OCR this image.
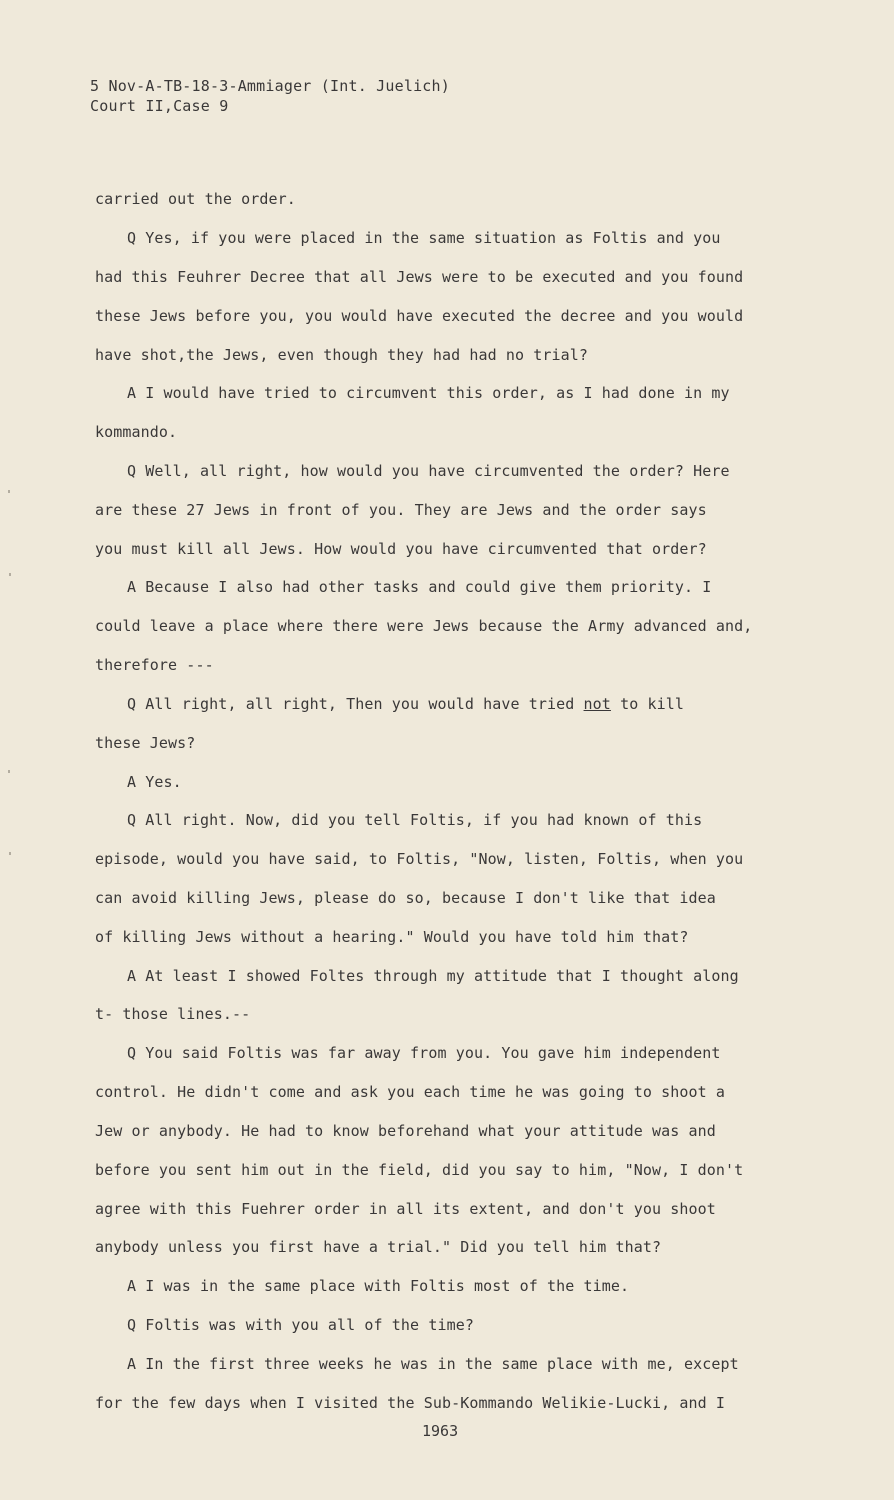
5 Nov-A-TB-18-3-Ammiager (Int. Juelich)
Court II,Case 9
carried out the order.
Q Yes, if you were placed in the same situation as Foltis and you
had this Feuhrer Decree that all Jews were to be executed and you found
these Jews before you, you would have executed the decree and you would
have shot,the Jews, even though they had had no trial?
A I would have tried to circumvent this order, as I had done in my
kommando.
Q Well, all right, how would you have circumvented the order? Here
are these 27 Jews in front of you. They are Jews and the order says
you must kill all Jews. How would you have circumvented that order?
A Because I also had other tasks and could give them priority. I
could leave a place where there were Jews because the Army advanced and,
therefore ---
Q All right, all right, Then you would have tried not to kill
these Jews?
A Yes.
Q All right. Now, did you tell Foltis, if you had known of this
episode, would you have said, to Foltis, "Now, listen, Foltis, when you
can avoid killing Jews, please do so, because I don't like that idea
of killing Jews without a hearing." Would you have told him that?
A At least I showed Foltes through my attitude that I thought along
t- those lines.--
Q You said Foltis was far away from you. You gave him independent
control. He didn't come and ask you each time he was going to shoot a
Jew or anybody. He had to know beforehand what your attitude was and
before you sent him out in the field, did you say to him, "Now, I don't
agree with this Fuehrer order in all its extent, and don't you shoot
anybody unless you first have a trial." Did you tell him that?
A I was in the same place with Foltis most of the time.
Q Foltis was with you all of the time?
A In the first three weeks he was in the same place with me, except
for the few days when I visited the Sub-Kommando Welikie-Lucki, and I
1963
